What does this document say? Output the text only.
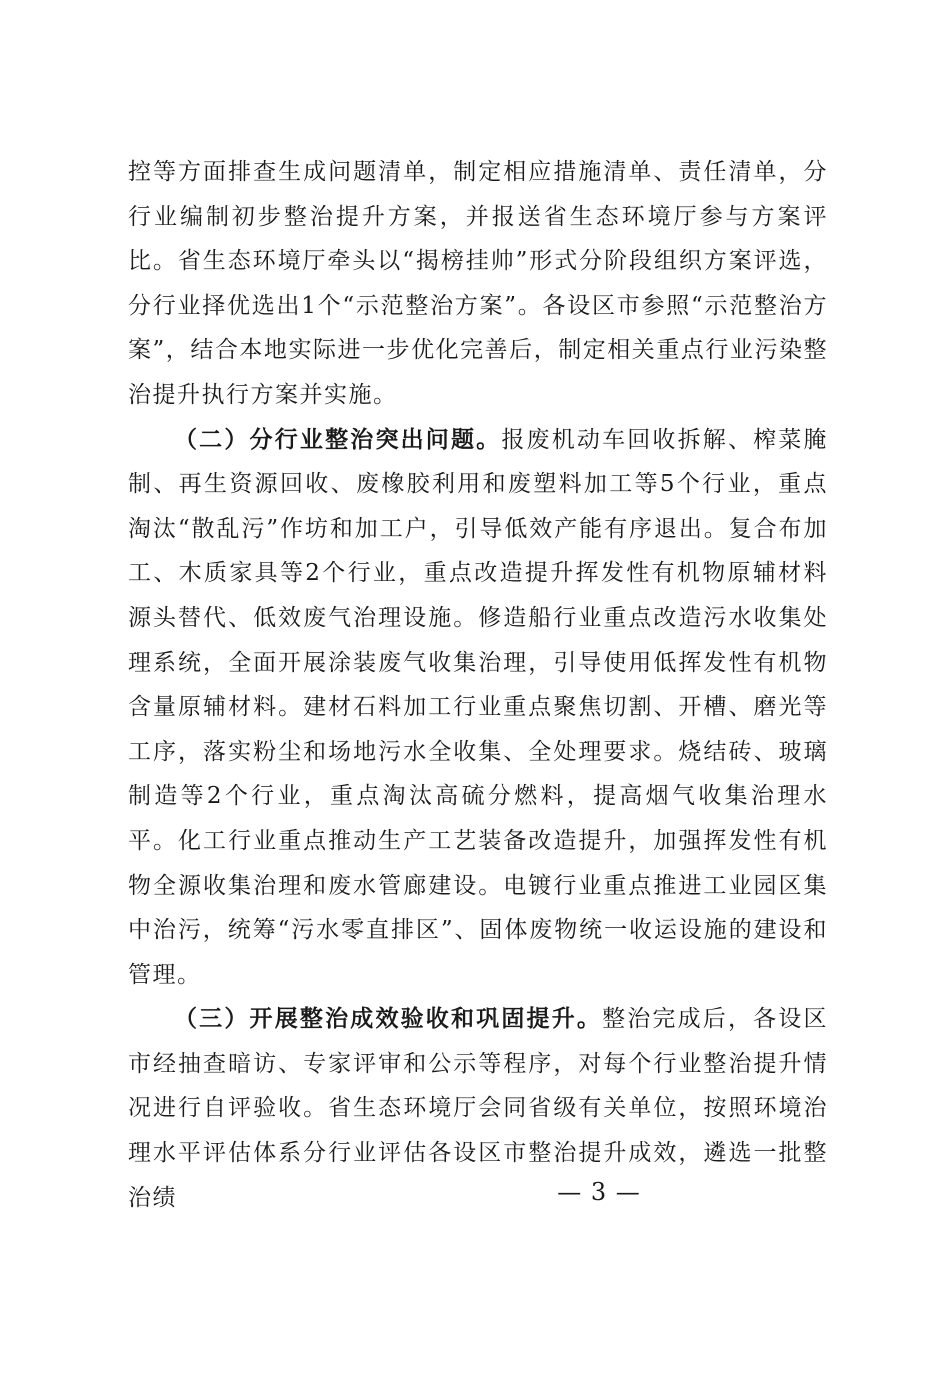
控等方面排查生成问题清单，制定相应措施清单、责任清单，分行业编制初步整治提升方案，并报送省生态环境厅参与方案评比。省生态环境厅牵头以“揭榜挂帅”形式分阶段组织方案评选，分行业择优选出1个“示范整治方案”。各设区市参照“示范整治方案”，结合本地实际进一步优化完善后，制定相关重点行业污染整治提升执行方案并实施。

（二）分行业整治突出问题。报废机动车回收拆解、榨菜腌制、再生资源回收、废橡胶利用和废塑料加工等5个行业，重点淘汰“散乱污”作坊和加工户，引导低效产能有序退出。复合布加工、木质家具等2个行业，重点改造提升挥发性有机物原辅材料源头替代、低效废气治理设施。修造船行业重点改造污水收集处理系统，全面开展涂装废气收集治理，引导使用低挥发性有机物含量原辅材料。建材石料加工行业重点聚焦切割、开槽、磨光等工序，落实粉尘和场地污水全收集、全处理要求。烧结砖、玻璃制造等2个行业，重点淘汰高硫分燃料，提高烟气收集治理水平。化工行业重点推动生产工艺装备改造提升，加强挥发性有机物全源收集治理和废水管廊建设。电镀行业重点推进工业园区集中治污，统筹“污水零直排区”、固体废物统一收运设施的建设和管理。

（三）开展整治成效验收和巩固提升。整治完成后，各设区市经抽查暗访、专家评审和公示等程序，对每个行业整治提升情况进行自评验收。省生态环境厅会同省级有关单位，按照环境治理水平评估体系分行业评估各设区市整治提升成效，遴选一批整治绩	— 3 —
